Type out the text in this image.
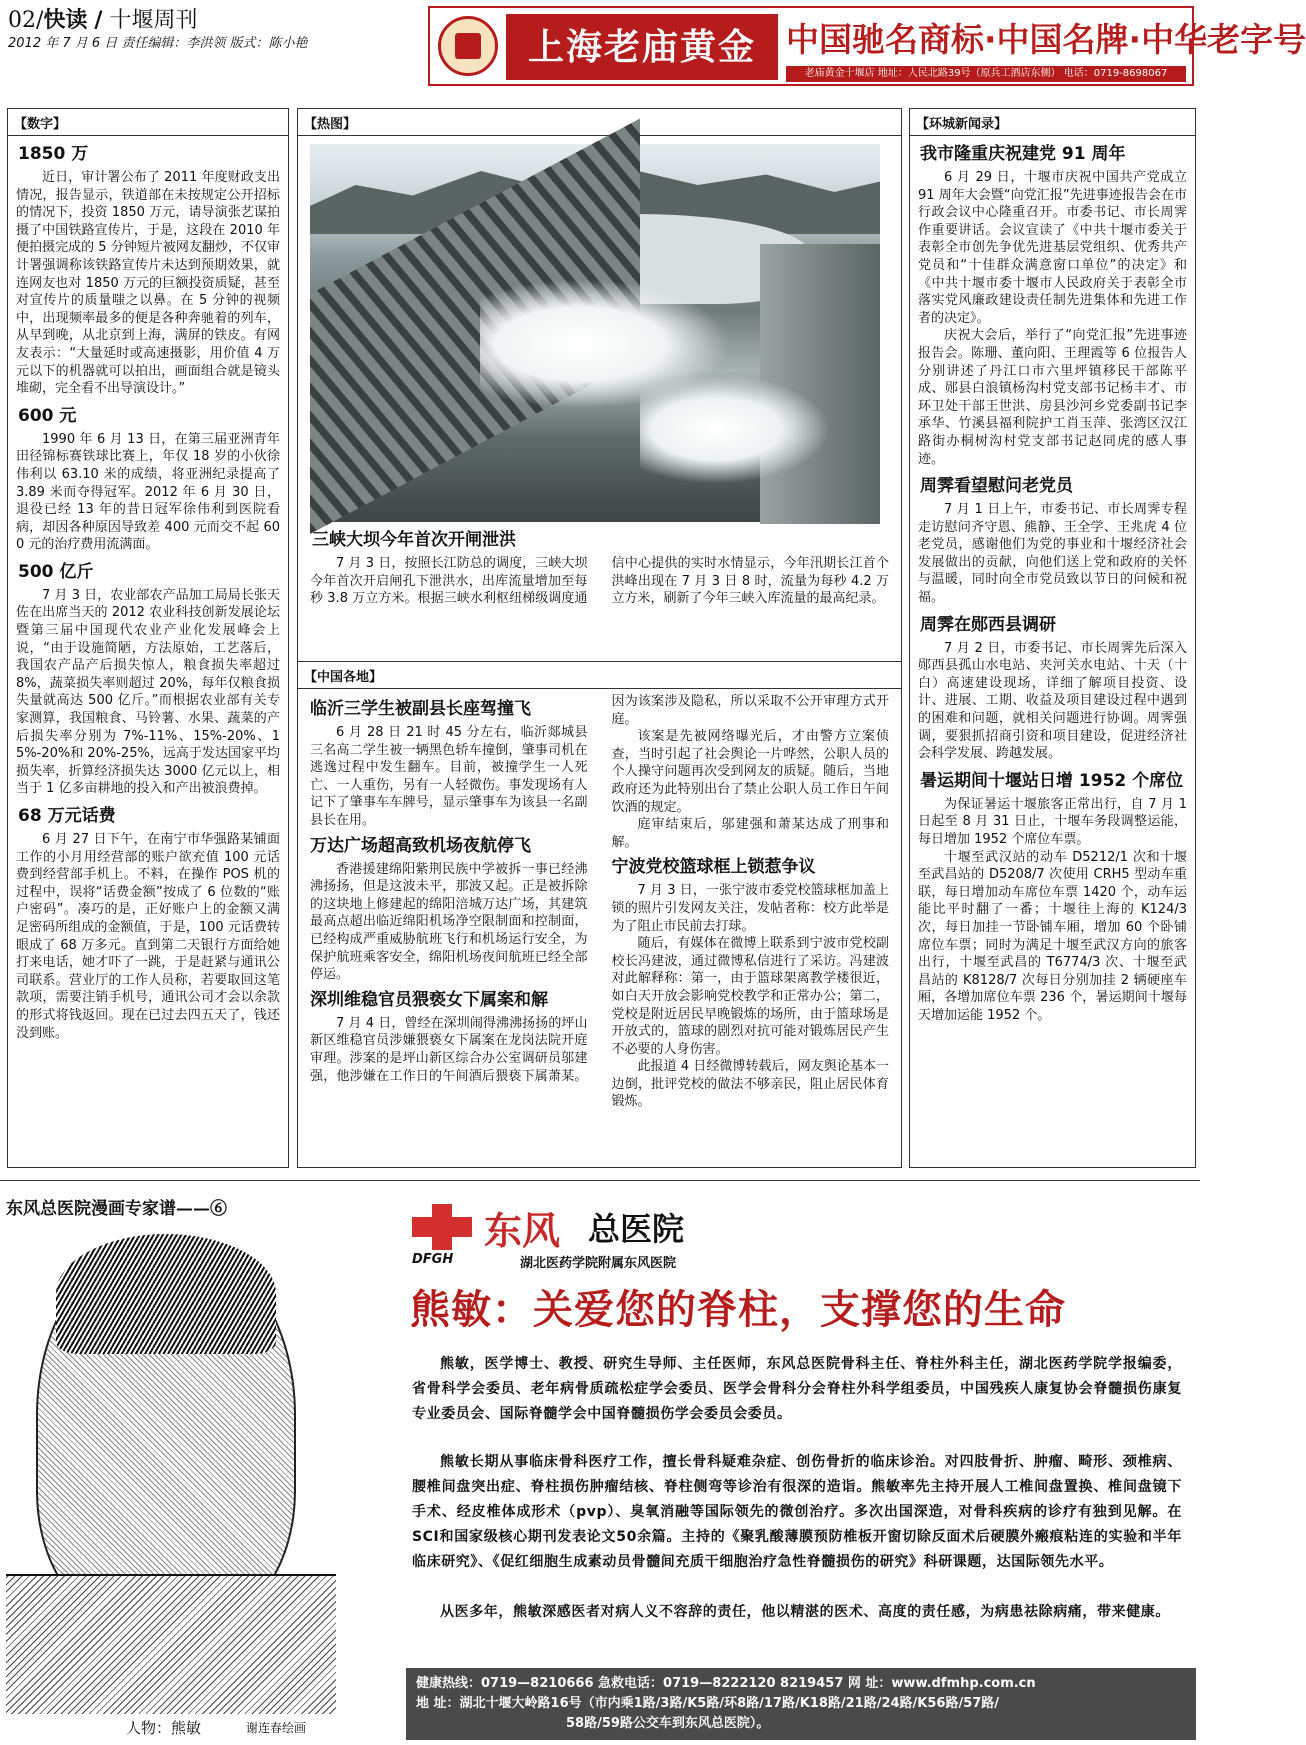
02/快读 / 十堰周刊
2012 年 7 月 6 日 责任编辑：李洪领 版式：陈小艳	上海老庙黄金 中国驰名商标·中国名牌·中华老字号
老庙黄金十堰店 地址：人民北路39号（原兵工酒店东侧） 电话：0719-8698067
【数字】
1850 万

近日，审计署公布了 2011 年度财政支出情况，报告显示，铁道部在未按规定公开招标的情况下，投资 1850 万元，请导演张艺谋拍摄了中国铁路宣传片，于是，这段在 2010 年便拍摄完成的 5 分钟短片被网友翻炒，不仅审计署强调称该铁路宣传片未达到预期效果，就连网友也对 1850 万元的巨额投资质疑，甚至对宣传片的质量嗤之以鼻。在 5 分钟的视频中，出现频率最多的便是各种奔驰着的列车，从早到晚，从北京到上海，满屏的铁皮。有网友表示：“大量延时或高速摄影，用价值 4 万元以下的机器就可以拍出，画面组合就是镜头堆砌，完全看不出导演设计。”

600 元

1990 年 6 月 13 日，在第三届亚洲青年田径锦标赛铁球比赛上，年仅 18 岁的小伙徐伟利以 63.10 米的成绩，将亚洲纪录提高了 3.89 米而夺得冠军。2012 年 6 月 30 日，退役已经 13 年的昔日冠军徐伟利到医院看病，却因各种原因导致差 400 元而交不起 600 元的治疗费用流满面。

500 亿斤

7 月 3 日，农业部农产品加工局局长张天佐在出席当天的 2012 农业科技创新发展论坛暨第三届中国现代农业产业化发展峰会上说，“由于设施简陋，方法原始，工艺落后，我国农产品产后损失惊人，粮食损失率超过 8%，蔬菜损失率则超过 20%，每年仅粮食损失量就高达 500 亿斤。”而根据农业部有关专家测算，我国粮食、马铃薯、水果、蔬菜的产后损失率分别为 7%-11%、15%-20%、15%-20%和 20%-25%，远高于发达国家平均损失率，折算经济损失达 3000 亿元以上，相当于 1 亿多亩耕地的投入和产出被浪费掉。

68 万元话费

6 月 27 日下午，在南宁市华强路某铺面工作的小月用经营部的账户欲充值 100 元话费到经营部手机上。不料，在操作 POS 机的过程中，误将“话费金额”按成了 6 位数的“账户密码”。凑巧的是，正好账户上的金额又满足密码所组成的金额值，于是，100 元话费转眼成了 68 万多元。直到第二天银行方面给她打来电话，她才吓了一跳，于是赶紧与通讯公司联系。营业厅的工作人员称，若要取回这笔款项，需要注销手机号，通讯公司才会以余款的形式将钱返回。现在已过去四五天了，钱还没到账。

【热图】
三峡大坝今年首次开闸泄洪

7 月 3 日，按照长江防总的调度，三峡大坝今年首次开启闸孔下泄洪水，出库流量增加至每秒 3.8 万立方米。根据三峡水利枢纽梯级调度通信中心提供的实时水情显示，今年汛期长江首个洪峰出现在 7 月 3 日 8 时，流量为每秒 4.2 万立方米，刷新了今年三峡入库流量的最高纪录。

【中国各地】
临沂三学生被副县长座驾撞飞

6 月 28 日 21 时 45 分左右，临沂郯城县三名高二学生被一辆黑色轿车撞倒，肇事司机在逃逸过程中发生翻车。目前，被撞学生一人死亡、一人重伤，另有一人轻微伤。事发现场有人记下了肇事车车牌号，显示肇事车为该县一名副县长在用。

万达广场超高致机场夜航停飞

香港援建绵阳紫荆民族中学被拆一事已经沸沸扬扬，但是这波未平，那波又起。正是被拆除的这块地上修建起的绵阳涪城万达广场，其建筑最高点超出临近绵阳机场净空限制面和控制面，已经构成严重威胁航班飞行和机场运行安全，为保护航班乘客安全，绵阳机场夜间航班已经全部停运。

深圳维稳官员猥亵女下属案和解

7 月 4 日，曾经在深圳闹得沸沸扬扬的坪山新区维稳官员涉嫌猥亵女下属案在龙岗法院开庭审理。涉案的是坪山新区综合办公室调研员邬建强，他涉嫌在工作日的午间酒后猥亵下属萧某。因为该案涉及隐私，所以采取不公开审理方式开庭。

该案是先被网络曝光后，才由警方立案侦查，当时引起了社会舆论一片哗然，公职人员的个人操守问题再次受到网友的质疑。随后，当地政府还为此特别出台了禁止公职人员工作日午间饮酒的规定。

庭审结束后，邬建强和萧某达成了刑事和解。

宁波党校篮球框上锁惹争议

7 月 3 日，一张宁波市委党校篮球框加盖上锁的照片引发网友关注，发帖者称：校方此举是为了阻止市民前去打球。

随后，有媒体在微博上联系到宁波市党校副校长冯建波，通过微博私信进行了采访。冯建波对此解释称：第一，由于篮球架离教学楼很近，如白天开放会影响党校教学和正常办公；第二，党校是附近居民早晚锻炼的场所，由于篮球场是开放式的，篮球的剧烈对抗可能对锻炼居民产生不必要的人身伤害。

此报道 4 日经微博转载后，网友舆论基本一边倒，批评党校的做法不够亲民，阻止居民体育锻炼。

【环城新闻录】
我市隆重庆祝建党 91 周年

6 月 29 日，十堰市庆祝中国共产党成立 91 周年大会暨“向党汇报”先进事迹报告会在市行政会议中心隆重召开。市委书记、市长周霁作重要讲话。会议宣读了《中共十堰市委关于表彰全市创先争优先进基层党组织、优秀共产党员和“十佳群众满意窗口单位”的决定》和《中共十堰市委十堰市人民政府关于表彰全市落实党风廉政建设责任制先进集体和先进工作者的决定》。

庆祝大会后，举行了“向党汇报”先进事迹报告会。陈珊、董向阳、王理霞等 6 位报告人分别讲述了丹江口市六里坪镇移民干部陈平成、郧县白浪镇杨沟村党支部书记杨丰才、市环卫处干部王世洪、房县沙河乡党委副书记李承华、竹溪县福利院护工肖玉萍、张湾区汉江路街办桐树沟村党支部书记赵同虎的感人事迹。

周霁看望慰问老党员

7 月 1 日上午，市委书记、市长周霁专程走访慰问齐守恩、熊静、王全学、王兆虎 4 位老党员，感谢他们为党的事业和十堰经济社会发展做出的贡献，向他们送上党和政府的关怀与温暖，同时向全市党员致以节日的问候和祝福。

周霁在郧西县调研

7 月 2 日，市委书记、市长周霁先后深入郧西县孤山水电站、夹河关水电站、十天（十白）高速建设现场，详细了解项目投资、设计、进展、工期、收益及项目建设过程中遇到的困难和问题，就相关问题进行协调。周霁强调，要狠抓招商引资和项目建设，促进经济社会科学发展、跨越发展。

暑运期间十堰站日增 1952 个席位

为保证暑运十堰旅客正常出行，自 7 月 1 日起至 8 月 31 日止，十堰车务段调整运能，每日增加 1952 个席位车票。

十堰至武汉站的动车 D5212/1 次和十堰至武昌站的 D5208/7 次使用 CRH5 型动车重联，每日增加动车席位车票 1420 个，动车运能比平时翻了一番；十堰往上海的 K124/3 次，每日加挂一节卧铺车厢，增加 60 个卧铺席位车票；同时为满足十堰至武汉方向的旅客出行，十堰至武昌的 T6774/3 次、十堰至武昌站的 K8128/7 次每日分别加挂 2 辆硬座车厢，各增加席位车票 236 个，暑运期间十堰每天增加运能 1952 个。

东风总医院漫画专家谱——⑥
人物：熊敏	谢连春绘画
DFGH
东风 总医院
湖北医药学院附属东风医院
熊敏：关爱您的脊柱，支撑您的生命

熊敏，医学博士、教授、研究生导师、主任医师，东风总医院骨科主任、脊柱外科主任，湖北医药学院学报编委，省骨科学会委员、老年病骨质疏松症学会委员、医学会骨科分会脊柱外科学组委员，中国残疾人康复协会脊髓损伤康复专业委员会、国际脊髓学会中国脊髓损伤学会委员会委员。

熊敏长期从事临床骨科医疗工作，擅长骨科疑难杂症、创伤骨折的临床诊治。对四肢骨折、肿瘤、畸形、颈椎病、腰椎间盘突出症、脊柱损伤肿瘤结核、脊柱侧弯等诊治有很深的造诣。熊敏率先主持开展人工椎间盘置换、椎间盘镜下手术、经皮椎体成形术（pvp）、臭氧消融等国际领先的微创治疗。多次出国深造，对骨科疾病的诊疗有独到见解。在SCI和国家级核心期刊发表论文50余篇。主持的《聚乳酸薄膜预防椎板开窗切除反面术后硬膜外瘢痕粘连的实验和半年临床研究》、《促红细胞生成素动员骨髓间充质干细胞治疗急性脊髓损伤的研究》科研课题，达国际领先水平。

从医多年，熊敏深感医者对病人义不容辞的责任，他以精湛的医术、高度的责任感，为病患祛除病痛，带来健康。

健康热线：0719—8210666 急救电话：0719—8222120 8219457 网 址：www.dfmhp.com.cn
地 址：湖北十堰大岭路16号（市内乘1路/3路/K5路/环8路/17路/K18路/21路/24路/K56路/57路/
58路/59路公交车到东风总医院）。
